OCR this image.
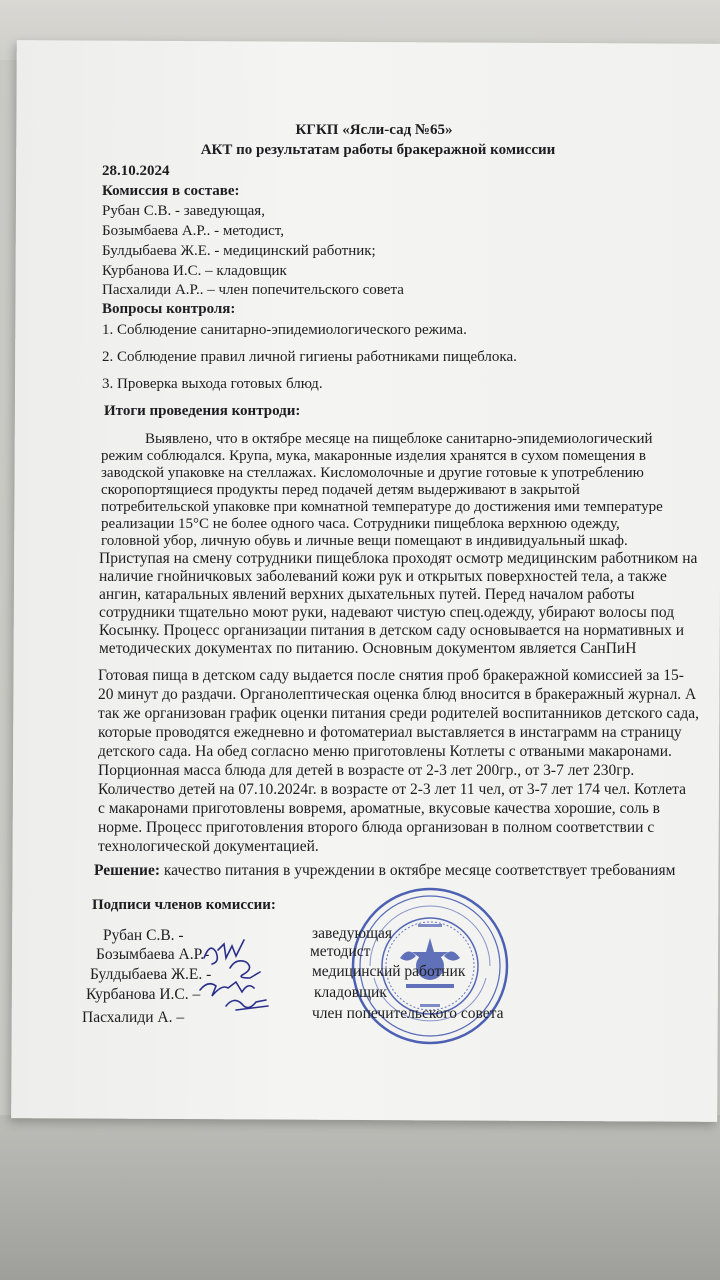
КГКП «Ясли-сад №65»
АКТ по результатам работы бракеражной комиссии
28.10.2024
Комиссия в составе:
Рубан С.В. - заведующая,
Бозымбаева А.Р.. - методист,
Булдыбаева Ж.Е. - медицинский работник;
Курбанова И.С. – кладовщик
Пасхалиди А.Р.. – член попечительского совета
Вопросы контроля:
1. Соблюдение санитарно-эпидемиологического режима.
2. Соблюдение правил личной гигиены работниками пищеблока.
3. Проверка выхода готовых блюд.
Итоги проведения контроди:
Выявлено, что в октябре месяце на пищеблоке санитарно-эпидемиологический
режим соблюдался. Крупа, мука, макаронные изделия хранятся в сухом помещения в
заводской упаковке на стеллажах. Кисломолочные и другие готовые к употреблению
скоропортящиеся продукты перед подачей детям выдерживают в закрытой
потребительской упаковке при комнатной температуре до достижения ими температуре
реализации 15°С не более одного часа. Сотрудники пищеблока верхнюю одежду,
головной убор, личную обувь и личные вещи помещают в индивидуальный шкаф.
Приступая на смену сотрудники пищеблока проходят осмотр медицинским работником на
наличие гнойничковых заболеваний кожи рук и открытых поверхностей тела, а также
ангин, катаральных явлений верхних дыхательных путей. Перед началом работы
сотрудники тщательно моют руки, надевают чистую спец.одежду, убирают волосы под
Косынку. Процесс организации питания в детском саду основывается на нормативных и
методических документах по питанию. Основным документом является СанПиН
Готовая пища в детском саду выдается после снятия проб бракеражной комиссией за 15-
20 минут до раздачи. Органолептическая оценка блюд вносится в бракеражный журнал. А
так же организован график оценки питания среди родителей воспитанников детского сада,
которые проводятся ежедневно и фотоматериал выставляется в инстаграмм на страницу
детского сада. На обед согласно меню приготовлены Котлеты с отваными макаронами.
Порционная масса блюда для детей в возрасте от 2-3 лет 200гр., от 3-7 лет 230гр.
Количество детей на 07.10.2024г. в возрасте от 2-3 лет 11 чел, от 3-7 лет 174 чел. Котлета
с макаронами приготовлены вовремя, ароматные, вкусовые качества хорошие, соль в
норме. Процесс приготовления второго блюда организован в полном соответствии с
технологической документацией.
Решение: качество питания в учреждении в октябре месяце соответствует требованиям
Подписи членов комиссии:
Рубан С.В. -	заведующая
Бозымбаева А.Р.-	методист
Булдыбаева Ж.Е. -	медицинский работник
Курбанова И.С. –	кладовщик
Пасхалиди А. –	член попечительского совета
